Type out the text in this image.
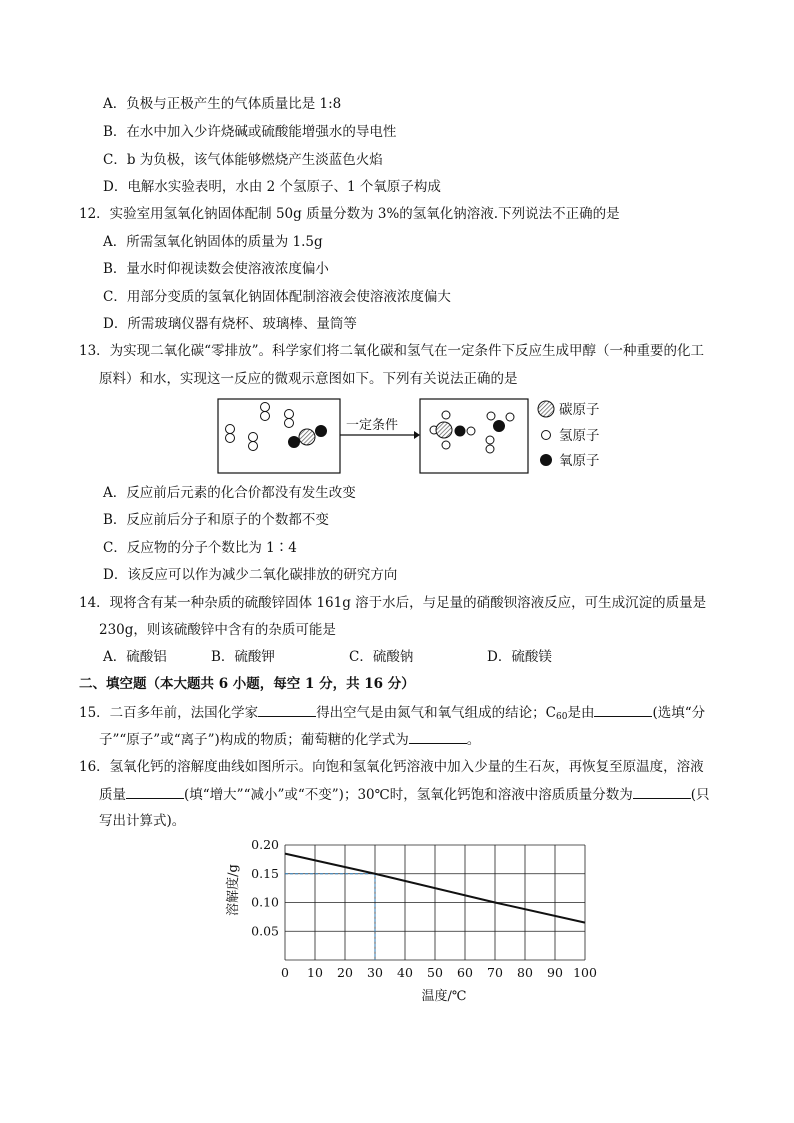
A．负极与正极产生的气体质量比是 1:8
B．在水中加入少许烧碱或硫酸能增强水的导电性
C．b 为负极，该气体能够燃烧产生淡蓝色火焰
D．电解水实验表明，水由 2 个氢原子、1 个氧原子构成
12．实验室用氢氧化钠固体配制 50g 质量分数为 3%的氢氧化钠溶液.下列说法不正确的是
A．所需氢氧化钠固体的质量为 1.5g
B．量水时仰视读数会使溶液浓度偏小
C．用部分变质的氢氧化钠固体配制溶液会使溶液浓度偏大
D．所需玻璃仪器有烧杯、玻璃棒、量筒等
13．为实现二氧化碳“零排放”。科学家们将二氧化碳和氢气在一定条件下反应生成甲醇（一种重要的化工
原料）和水，实现这一反应的微观示意图如下。下列有关说法正确的是
一定条件
碳原子
氢原子
氧原子
A．反应前后元素的化合价都没有发生改变
B．反应前后分子和原子的个数都不变
C．反应物的分子个数比为 1∶4
D．该反应可以作为减少二氧化碳排放的研究方向
14．现将含有某一种杂质的硫酸锌固体 161g 溶于水后，与足量的硝酸钡溶液反应，可生成沉淀的质量是
230g，则该硫酸锌中含有的杂质可能是
A．硫酸铝	B．硫酸钾	C．硫酸钠	D．硫酸镁
二、填空题（本大题共 6 小题，每空 1 分，共 16 分）
15．二百多年前，法国化学家	得出空气是由氮气和氧气组成的结论；$C_{60}$是由	(选填“分
子”“原子”或“离子”)构成的物质；葡萄糖的化学式为	。
16．氢氧化钙的溶解度曲线如图所示。向饱和氢氧化钙溶液中加入少量的生石灰，再恢复至原温度，溶液
质量	(填“增大”“减小”或“不变”)；30℃时，氢氧化钙饱和溶液中溶质质量分数为	(只
写出计算式)。
0 10 20 30 40 50 60 70 80 90 100
0.05
0.10
0.15
0.20
温度/℃
溶解度/g
